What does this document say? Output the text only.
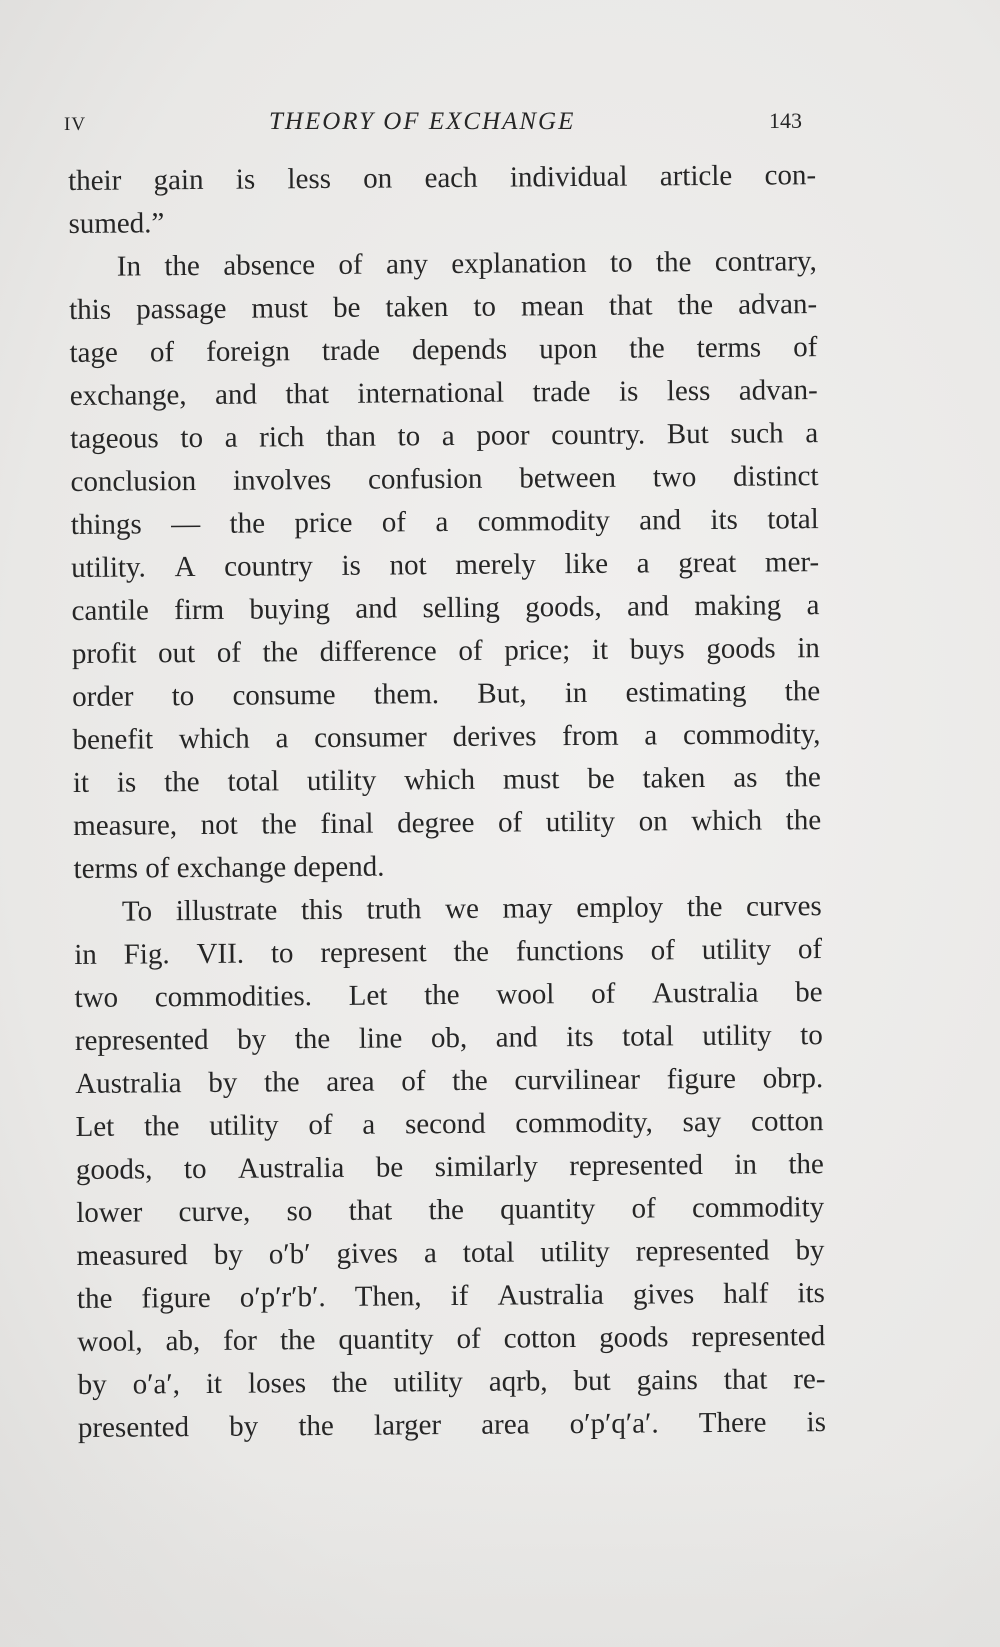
IV	THEORY OF EXCHANGE	143
their gain is less on each individual article con-
sumed.”
In the absence of any explanation to the contrary,
this passage must be taken to mean that the advan-
tage of foreign trade depends upon the terms of
exchange, and that international trade is less advan-
tageous to a rich than to a poor country. But such a
conclusion involves confusion between two distinct
things — the price of a commodity and its total
utility. A country is not merely like a great mer-
cantile firm buying and selling goods, and making a
profit out of the difference of price; it buys goods in
order to consume them. But, in estimating the
benefit which a consumer derives from a commodity,
it is the total utility which must be taken as the
measure, not the final degree of utility on which the
terms of exchange depend.
To illustrate this truth we may employ the curves
in Fig. VII. to represent the functions of utility of
two commodities. Let the wool of Australia be
represented by the line ob, and its total utility to
Australia by the area of the curvilinear figure obrp.
Let the utility of a second commodity, say cotton
goods, to Australia be similarly represented in the
lower curve, so that the quantity of commodity
measured by o′b′ gives a total utility represented by
the figure o′p′r′b′. Then, if Australia gives half its
wool, ab, for the quantity of cotton goods represented
by o′a′, it loses the utility aqrb, but gains that re-
presented by the larger area o′p′q′a′. There is
